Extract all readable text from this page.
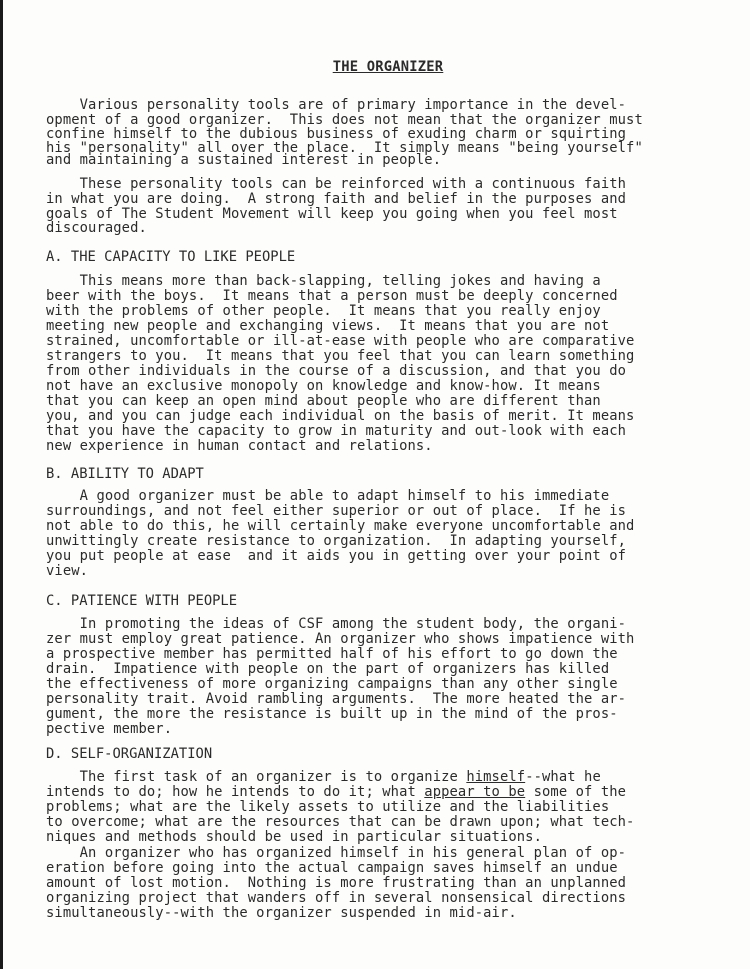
THE ORGANIZER
Various personality tools are of primary importance in the devel-
opment of a good organizer.  This does not mean that the organizer must
confine himself to the dubious business of exuding charm or squirting
his "personality" all over the place.  It simply means "being yourself"
and maintaining a sustained interest in people.
These personality tools can be reinforced with a continuous faith
in what you are doing.  A strong faith and belief in the purposes and
goals of The Student Movement will keep you going when you feel most
discouraged.
A. THE CAPACITY TO LIKE PEOPLE
This means more than back-slapping, telling jokes and having a
beer with the boys.  It means that a person must be deeply concerned
with the problems of other people.  It means that you really enjoy
meeting new people and exchanging views.  It means that you are not
strained, uncomfortable or ill-at-ease with people who are comparative
strangers to you.  It means that you feel that you can learn something
from other individuals in the course of a discussion, and that you do
not have an exclusive monopoly on knowledge and know-how. It means
that you can keep an open mind about people who are different than
you, and you can judge each individual on the basis of merit. It means
that you have the capacity to grow in maturity and out-look with each
new experience in human contact and relations.
B. ABILITY TO ADAPT
A good organizer must be able to adapt himself to his immediate
surroundings, and not feel either superior or out of place.  If he is
not able to do this, he will certainly make everyone uncomfortable and
unwittingly create resistance to organization.  In adapting yourself,
you put people at ease  and it aids you in getting over your point of
view.
C. PATIENCE WITH PEOPLE
In promoting the ideas of CSF among the student body, the organi-
zer must employ great patience. An organizer who shows impatience with
a prospective member has permitted half of his effort to go down the
drain.  Impatience with people on the part of organizers has killed
the effectiveness of more organizing campaigns than any other single
personality trait. Avoid rambling arguments.  The more heated the ar-
gument, the more the resistance is built up in the mind of the pros-
pective member.
D. SELF-ORGANIZATION
The first task of an organizer is to organize himself--what he
intends to do; how he intends to do it; what appear to be some of the
problems; what are the likely assets to utilize and the liabilities
to overcome; what are the resources that can be drawn upon; what tech-
niques and methods should be used in particular situations.
An organizer who has organized himself in his general plan of op-
eration before going into the actual campaign saves himself an undue
amount of lost motion.  Nothing is more frustrating than an unplanned
organizing project that wanders off in several nonsensical directions
simultaneously--with the organizer suspended in mid-air.
